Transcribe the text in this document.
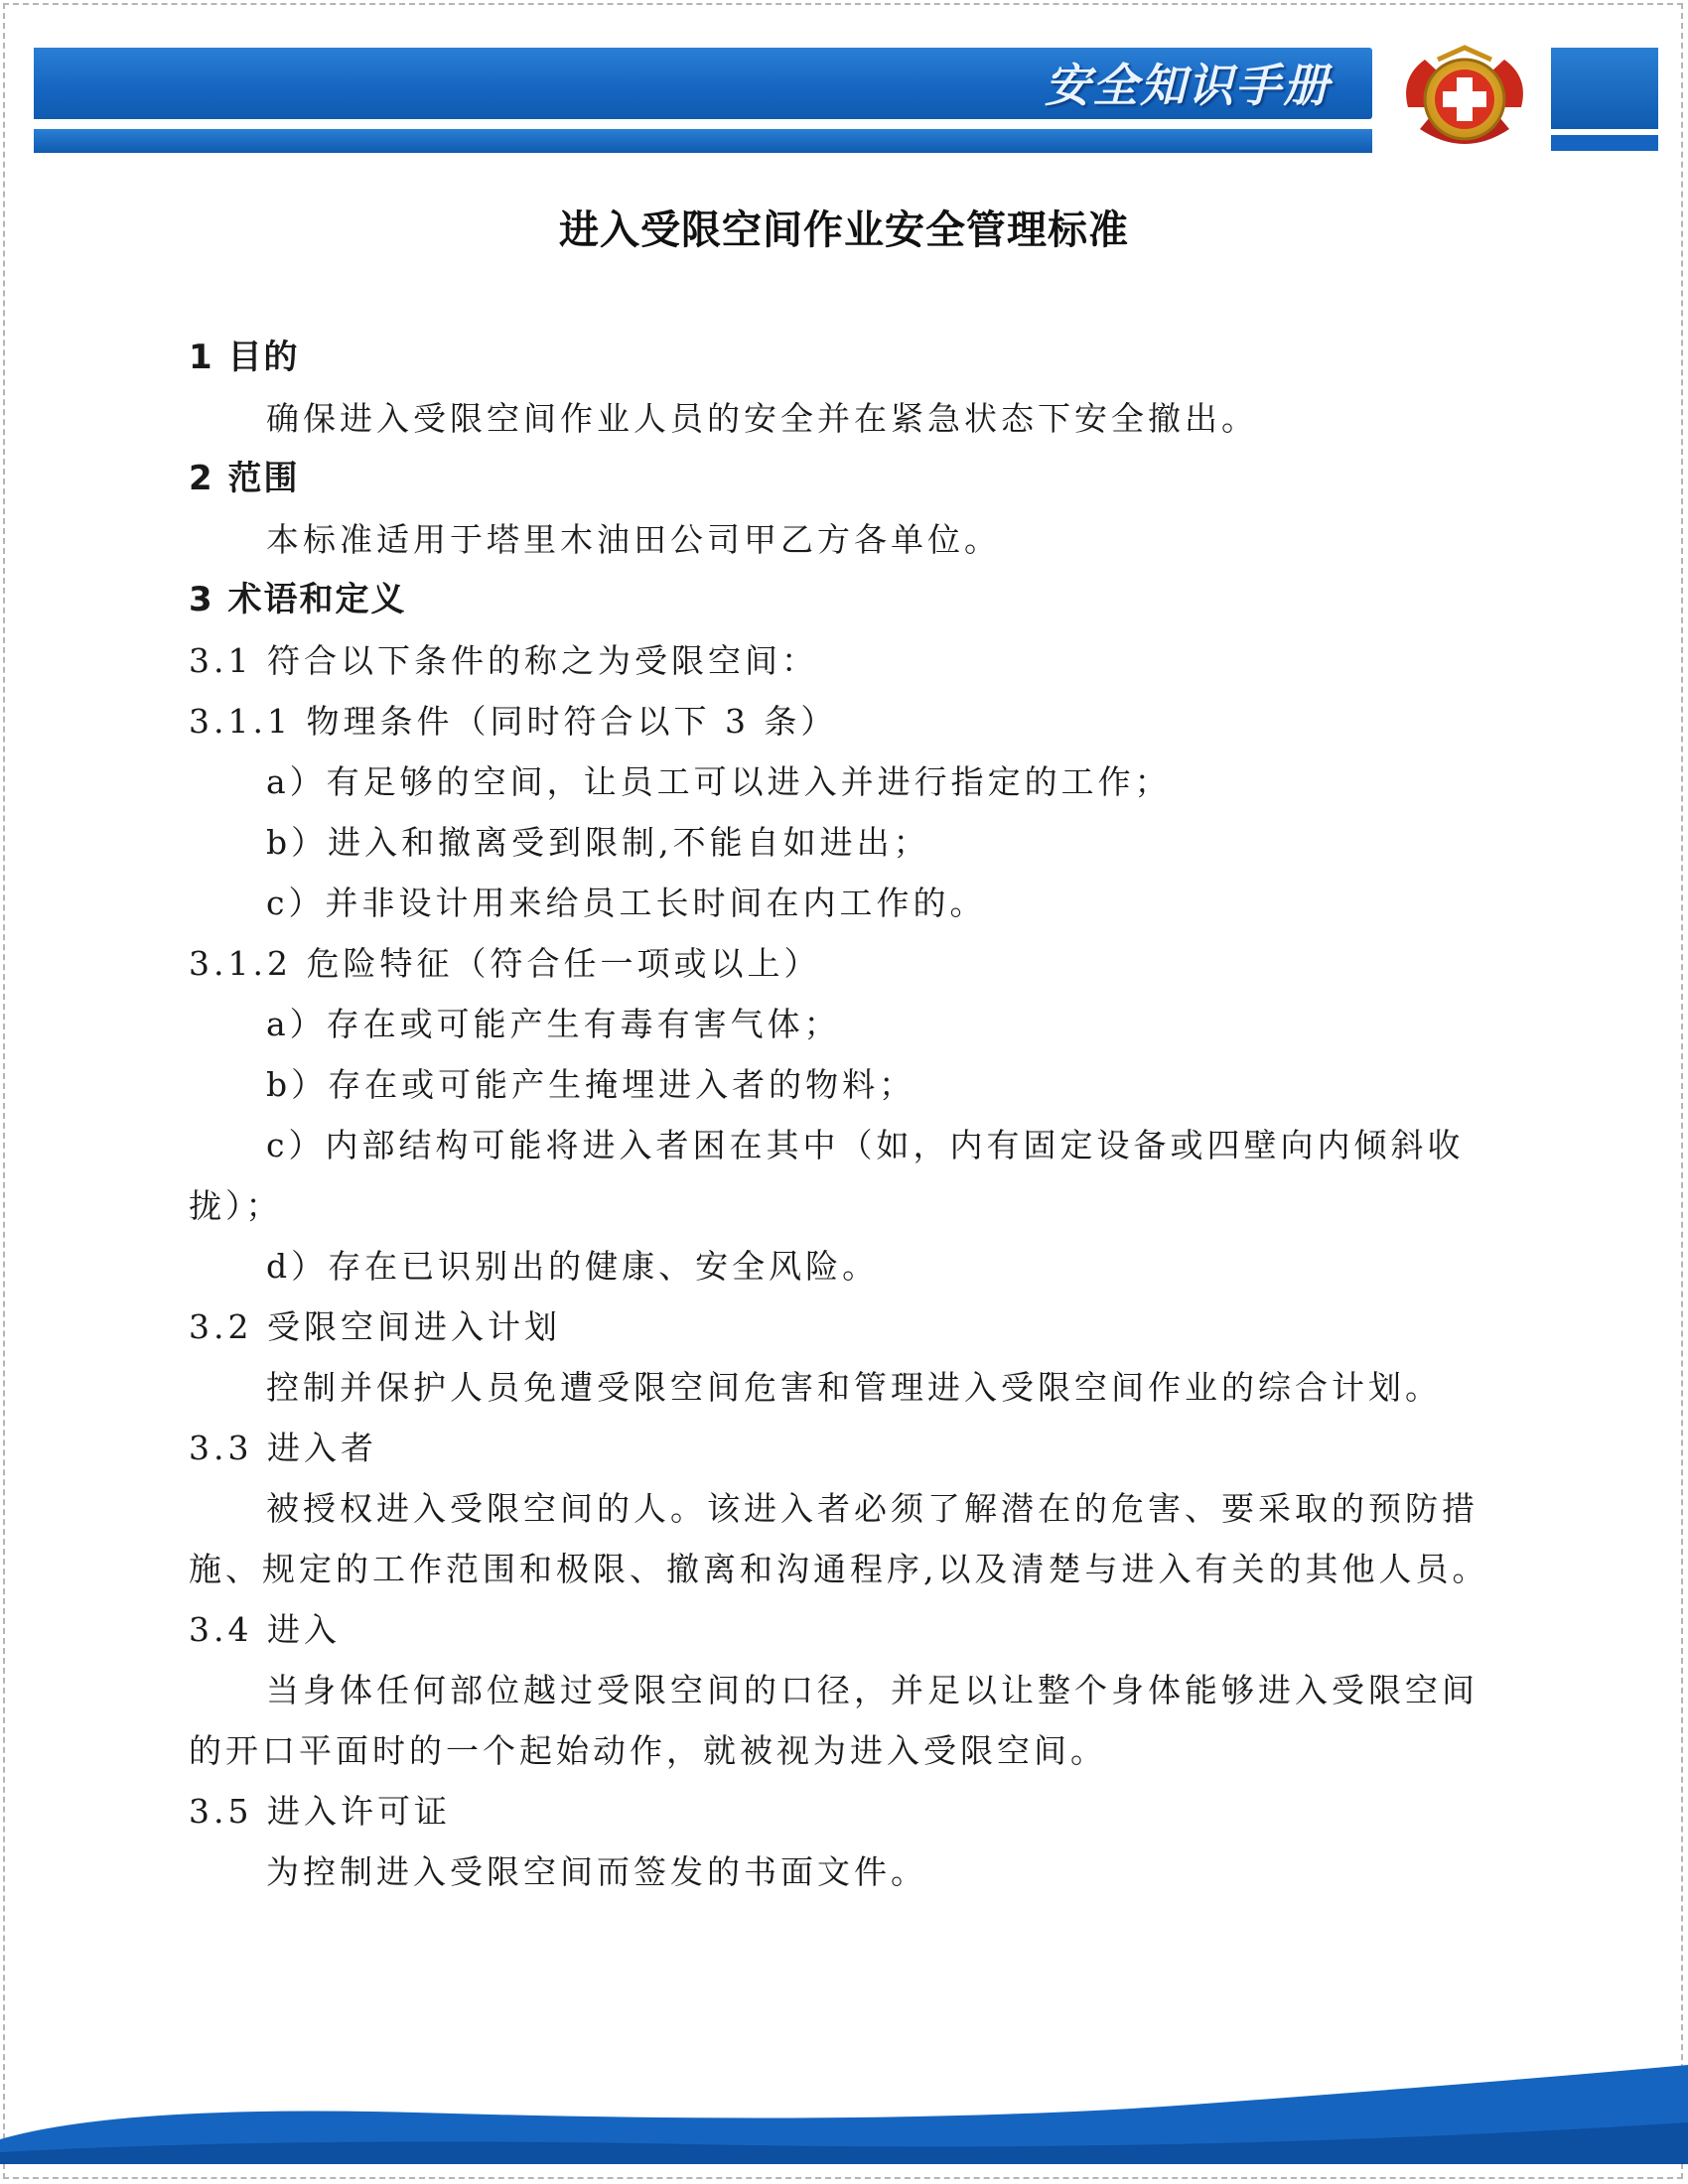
安全知识手册
进入受限空间作业安全管理标准

1 目的

确保进入受限空间作业人员的安全并在紧急状态下安全撤出。

2 范围

本标准适用于塔里木油田公司甲乙方各单位。

3 术语和定义

3.1 符合以下条件的称之为受限空间：

3.1.1 物理条件（同时符合以下 3 条）

a）有足够的空间，让员工可以进入并进行指定的工作；

b）进入和撤离受到限制,不能自如进出；

c）并非设计用来给员工长时间在内工作的。

3.1.2 危险特征（符合任一项或以上）

a）存在或可能产生有毒有害气体；

b）存在或可能产生掩埋进入者的物料；

c）内部结构可能将进入者困在其中（如，内有固定设备或四壁向内倾斜收拢）；

d）存在已识别出的健康、安全风险。

3.2 受限空间进入计划

控制并保护人员免遭受限空间危害和管理进入受限空间作业的综合计划。

3.3 进入者

被授权进入受限空间的人。该进入者必须了解潜在的危害、要采取的预防措施、规定的工作范围和极限、撤离和沟通程序,以及清楚与进入有关的其他人员。

3.4 进入

当身体任何部位越过受限空间的口径，并足以让整个身体能够进入受限空间的开口平面时的一个起始动作，就被视为进入受限空间。

3.5 进入许可证

为控制进入受限空间而签发的书面文件。
